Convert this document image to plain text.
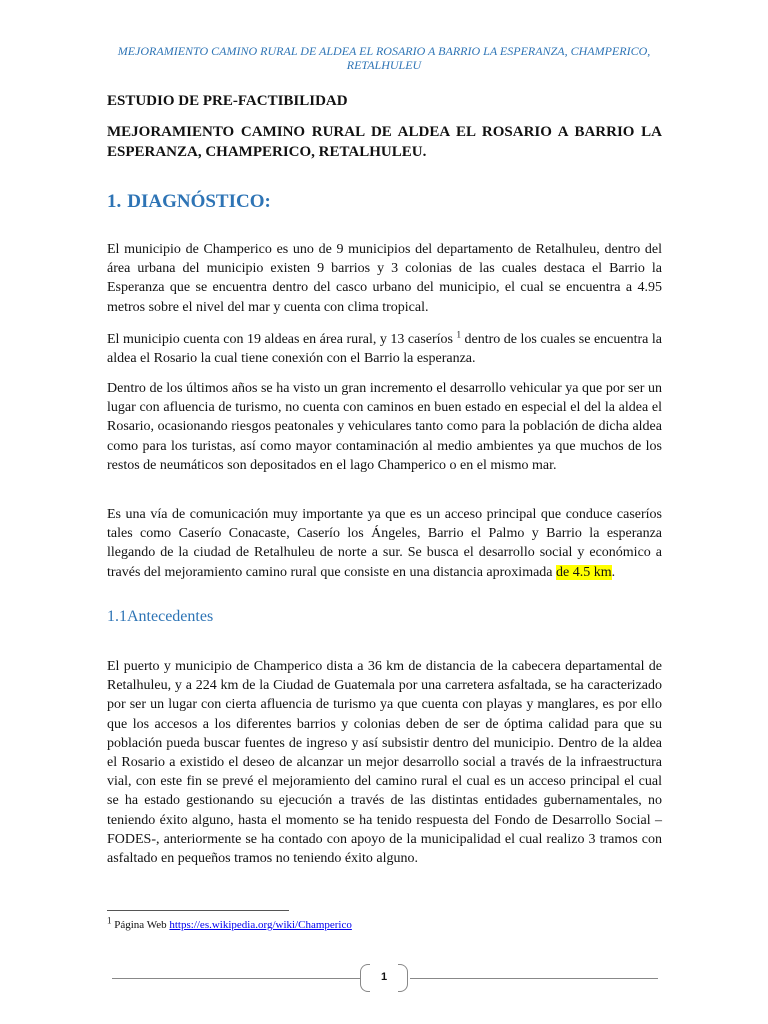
MEJORAMIENTO CAMINO RURAL DE ALDEA EL ROSARIO A BARRIO LA ESPERANZA, CHAMPERICO, RETALHULEU
ESTUDIO DE PRE-FACTIBILIDAD
MEJORAMIENTO CAMINO RURAL DE ALDEA EL ROSARIO A BARRIO LA ESPERANZA, CHAMPERICO, RETALHULEU.
1. DIAGNÓSTICO:

El municipio de Champerico es uno de 9 municipios del departamento de Retalhuleu, dentro del área urbana del municipio existen 9 barrios y 3 colonias de las cuales destaca el Barrio la Esperanza que se encuentra dentro del casco urbano del municipio, el cual se encuentra a 4.95 metros sobre el nivel del mar y cuenta con clima tropical.

El municipio cuenta con 19 aldeas en área rural, y 13 caseríos $^1$ dentro de los cuales se encuentra la aldea el Rosario la cual tiene conexión con el Barrio la esperanza.

Dentro de los últimos años se ha visto un gran incremento el desarrollo vehicular ya que por ser un lugar con afluencia de turismo, no cuenta con caminos en buen estado en especial el del la aldea el Rosario, ocasionando riesgos peatonales y vehiculares tanto como para la población de dicha aldea como para los turistas, así como mayor contaminación al medio ambientes ya que muchos de los restos de neumáticos son depositados en el lago Champerico o en el mismo mar.

Es una vía de comunicación muy importante ya que es un acceso principal que conduce caseríos tales como Caserío Conacaste, Caserío los Ángeles, Barrio el Palmo y Barrio la esperanza llegando de la ciudad de Retalhuleu de norte a sur. Se busca el desarrollo social y económico a través del mejoramiento camino rural que consiste en una distancia aproximada de 4.5 km.

1.1Antecedentes

El puerto y municipio de Champerico dista a 36 km de distancia de la cabecera departamental de Retalhuleu, y a 224 km de la Ciudad de Guatemala por una carretera asfaltada, se ha caracterizado por ser un lugar con cierta afluencia de turismo ya que cuenta con playas y manglares, es por ello que los accesos a los diferentes barrios y colonias deben de ser de óptima calidad para que su población pueda buscar fuentes de ingreso y así subsistir dentro del municipio. Dentro de la aldea el Rosario a existido el deseo de alcanzar un mejor desarrollo social a través de la infraestructura vial, con este fin se prevé el mejoramiento del camino rural el cual es un acceso principal el cual se ha estado gestionando su ejecución a través de las distintas entidades gubernamentales, no teniendo éxito alguno, hasta el momento se ha tenido respuesta del Fondo de Desarrollo Social – FODES-, anteriormente se ha contado con apoyo de la municipalidad el cual realizo 3 tramos con asfaltado en pequeños tramos no teniendo éxito alguno.

$^1$ Página Web https://es.wikipedia.org/wiki/Champerico
1
